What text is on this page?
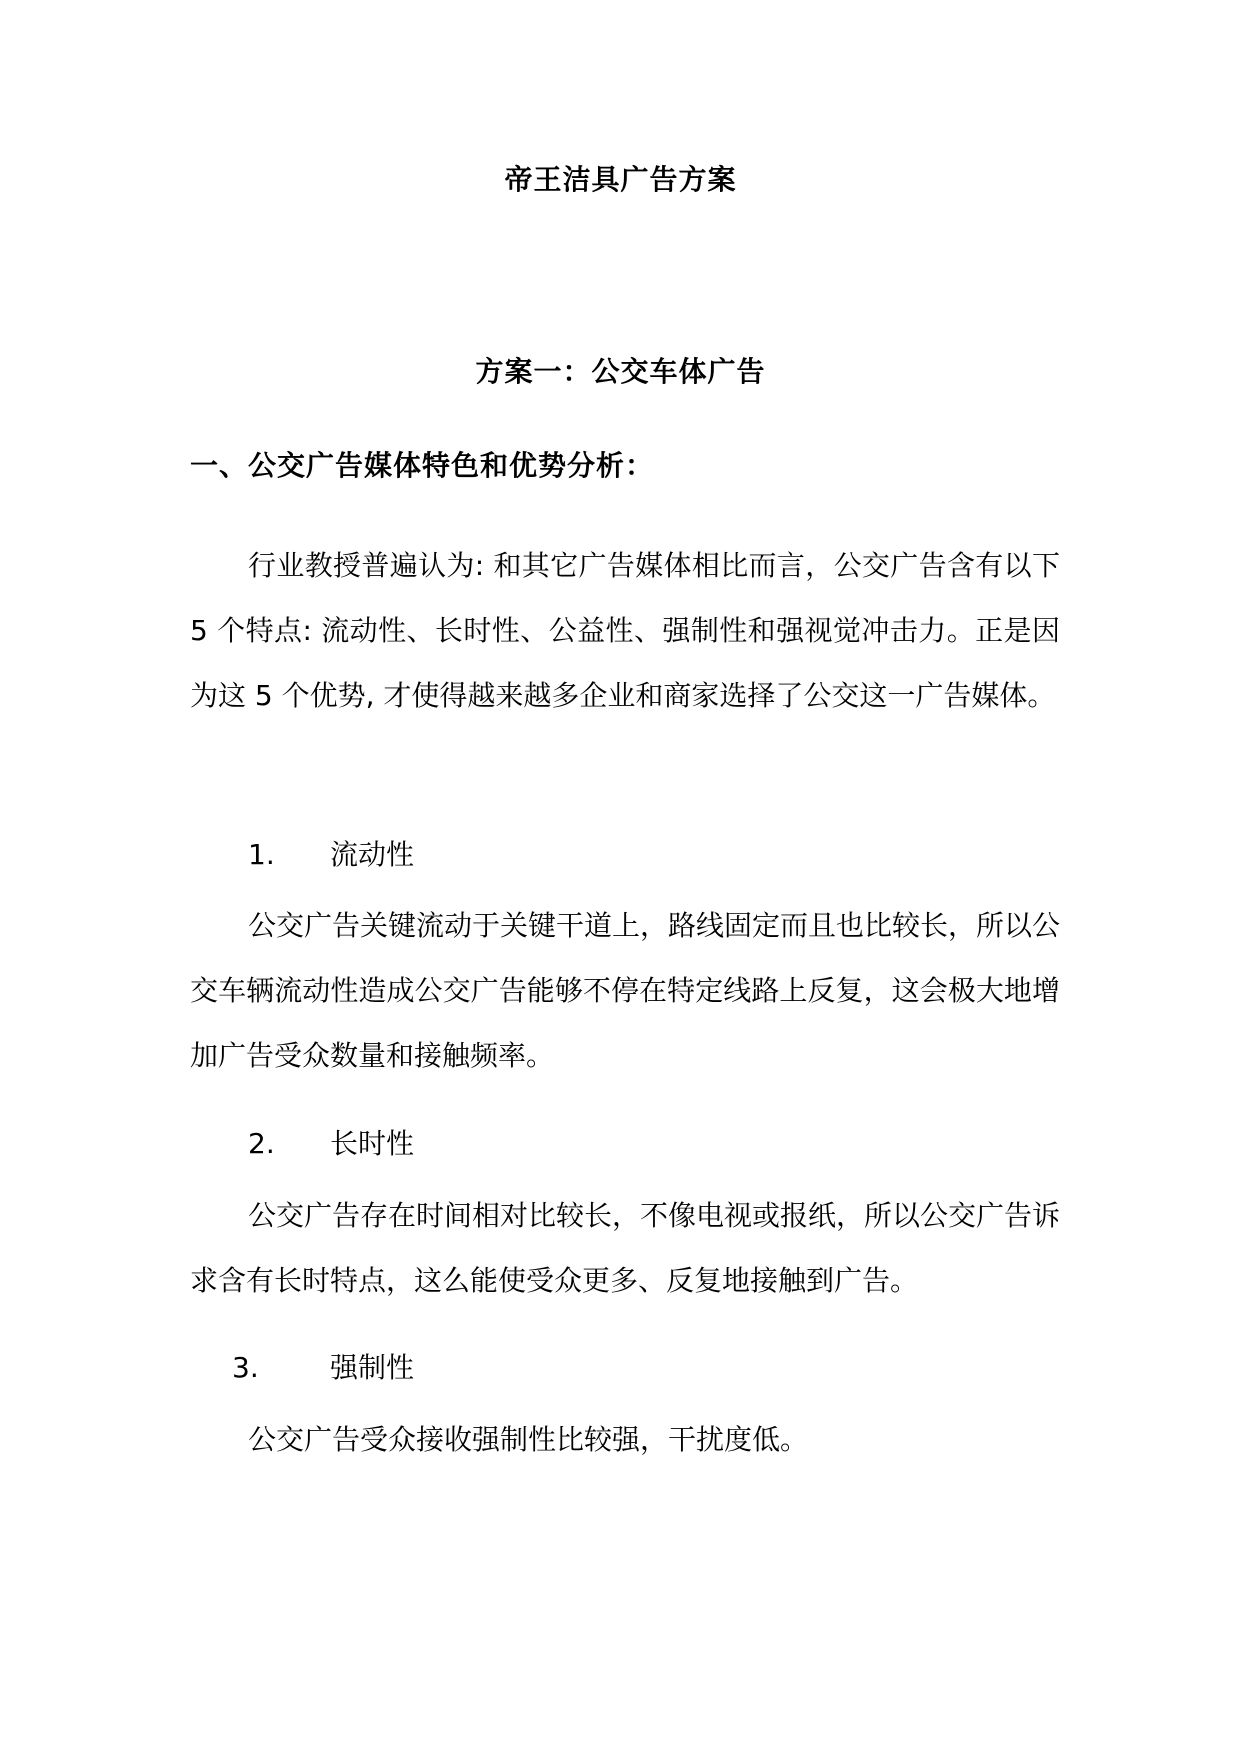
帝王洁具广告方案
方案一：公交车体广告
一、公交广告媒体特色和优势分析：

行业教授普遍认为: 和其它广告媒体相比而言，公交广告含有以下 5 个特点: 流动性、长时性、公益性、强制性和强视觉冲击力。正是因为这 5 个优势, 才使得越来越多企业和商家选择了公交这一广告媒体。

1. 流动性

公交广告关键流动于关键干道上，路线固定而且也比较长，所以公交车辆流动性造成公交广告能够不停在特定线路上反复，这会极大地增加广告受众数量和接触频率。

2. 长时性

公交广告存在时间相对比较长，不像电视或报纸，所以公交广告诉求含有长时特点，这么能使受众更多、反复地接触到广告。

3.	强制性

公交广告受众接收强制性比较强，干扰度低。
